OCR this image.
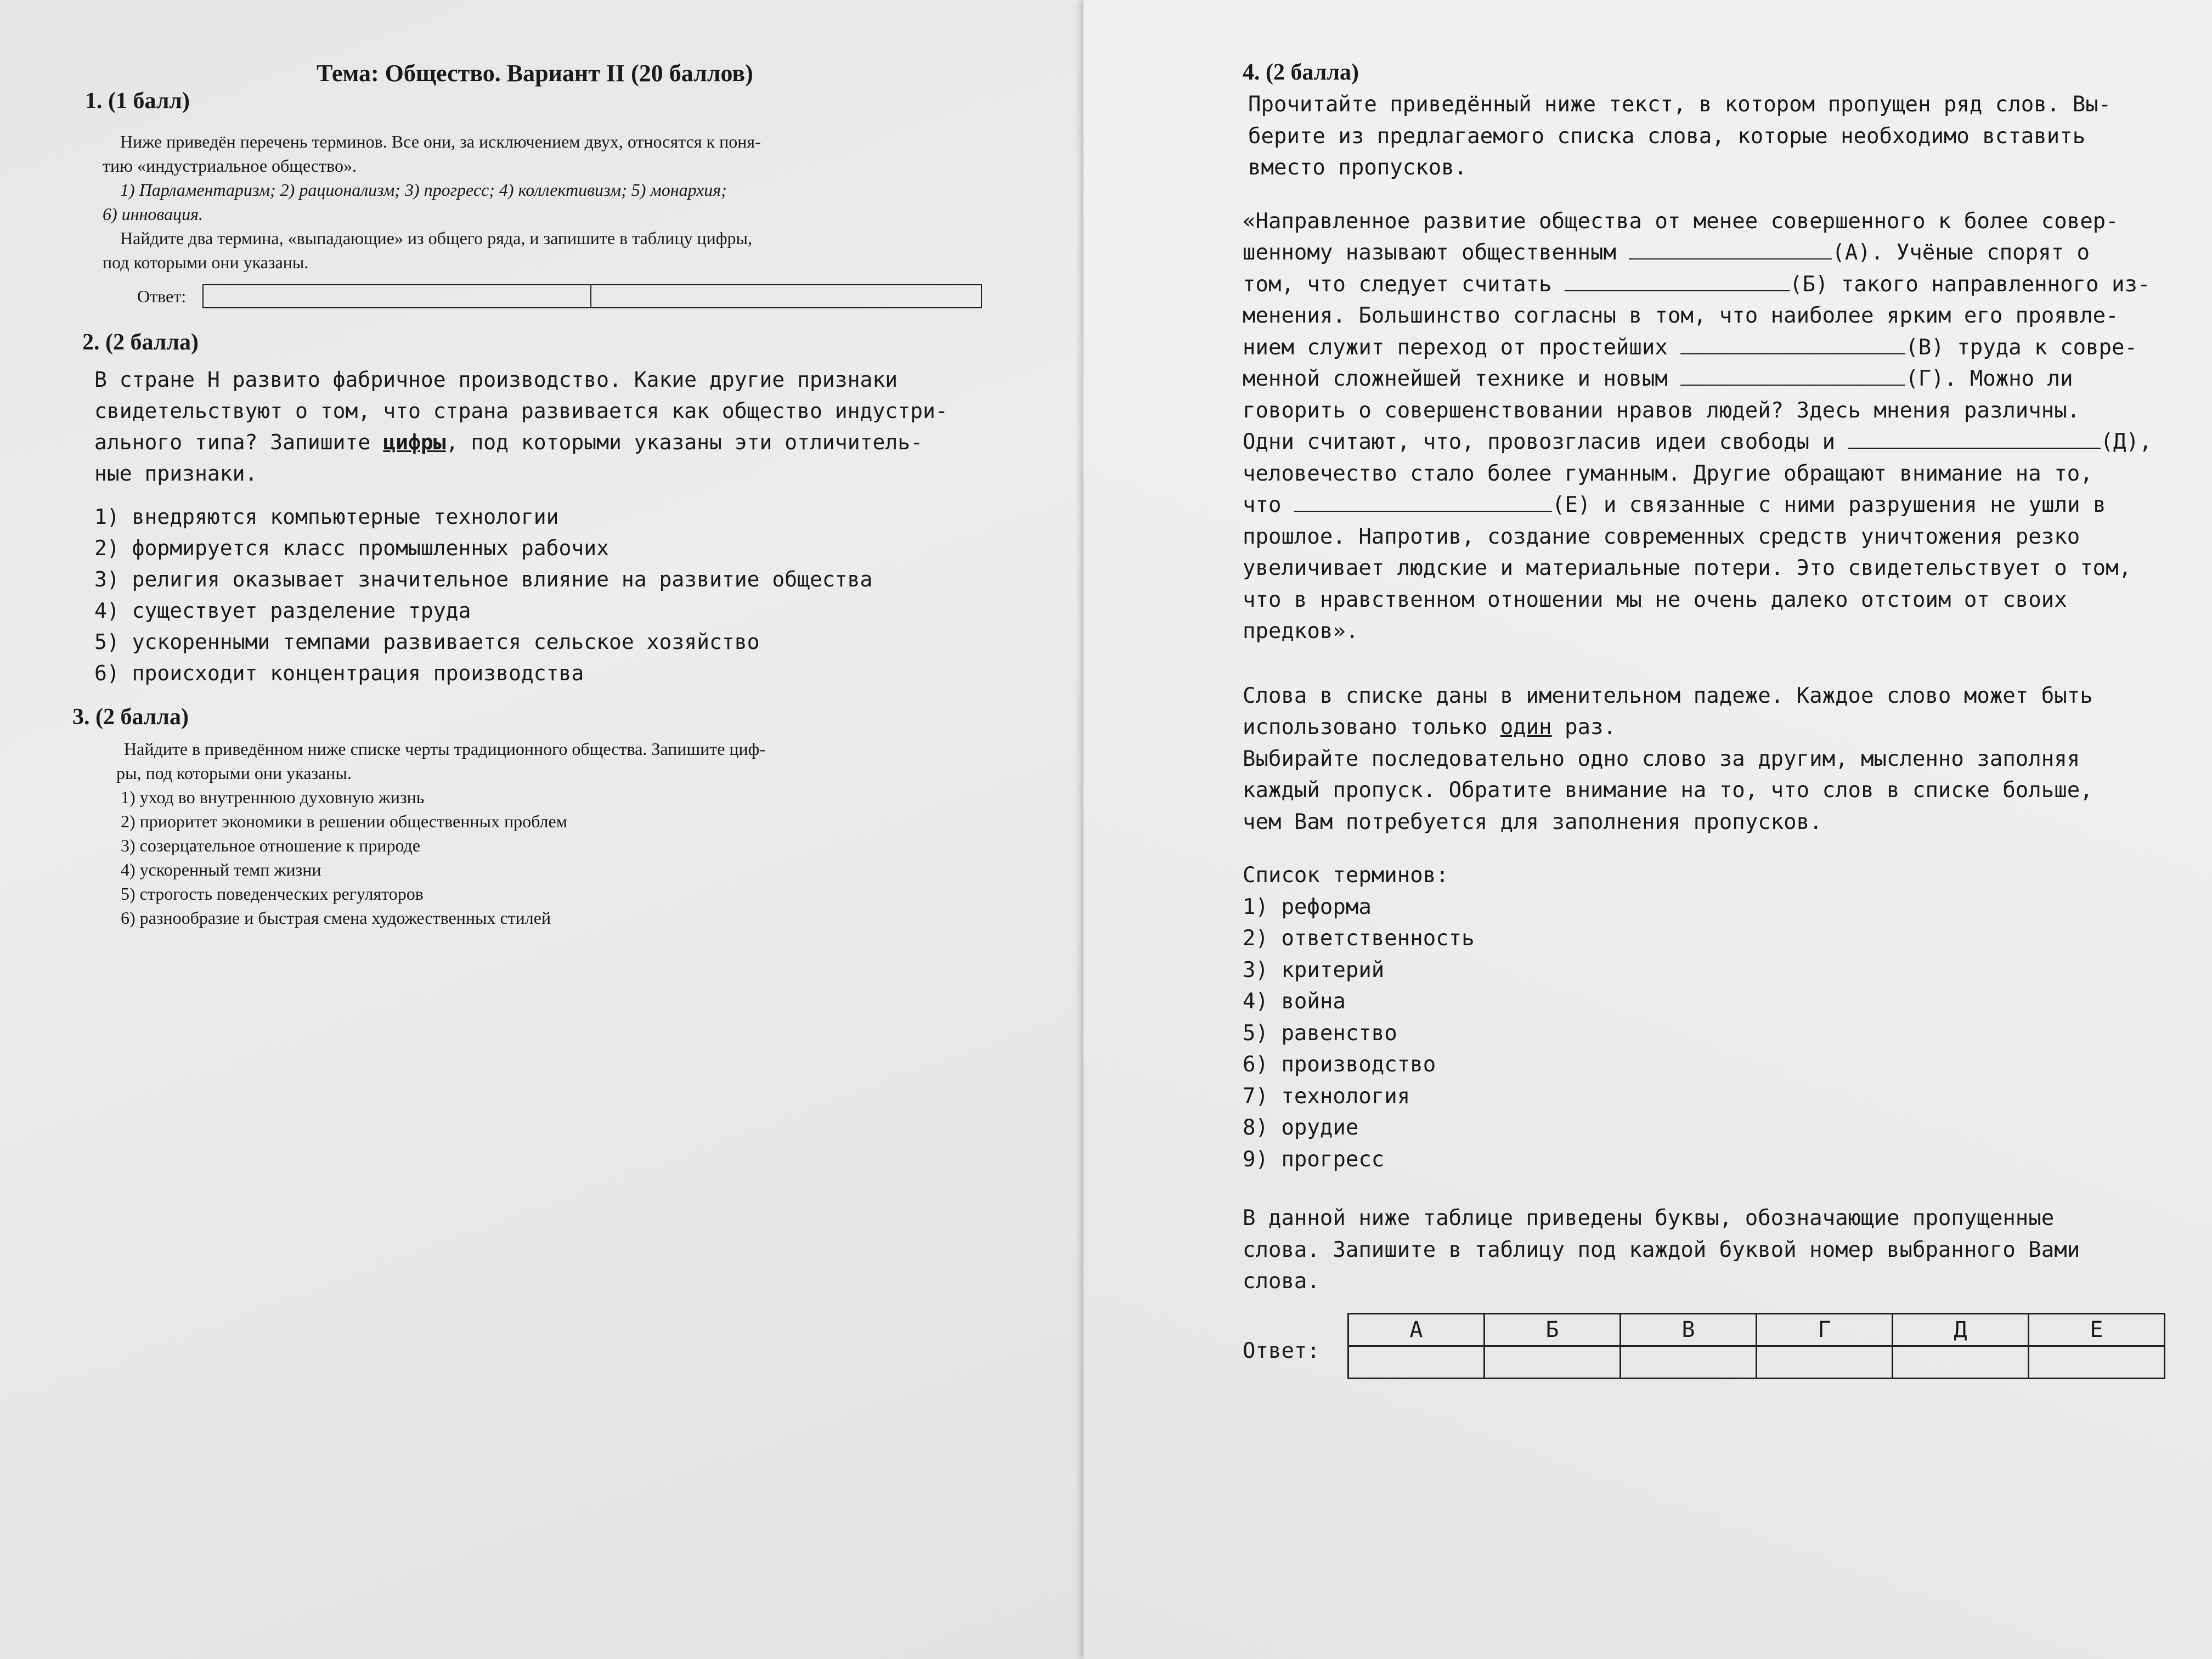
Тема: Общество. Вариант II (20 баллов)
1. (1 балл)

Ниже приведён перечень терминов. Все они, за исключением двух, относятся к поня-

тию «индустриальное общество».

1) Парламентаризм; 2) рационализм; 3) прогресс; 4) коллективизм; 5) монархия;

6) инновация.

Найдите два термина, «выпадающие» из общего ряда, и запишите в таблицу цифры,

под которыми они указаны.

Ответ:
2. (2 балла)
В стране Н развито фабричное производство. Какие другие признаки
свидетельствуют о том, что страна развивается как общество индустри-
ального типа? Запишите цифры, под которыми указаны эти отличитель-
ные признаки.
1) внедряются компьютерные технологии
2) формируется класс промышленных рабочих
3) религия оказывает значительное влияние на развитие общества
4) существует разделение труда
5) ускоренными темпами развивается сельское хозяйство
6) происходит концентрация производства
3. (2 балла)

Найдите в приведённом ниже списке черты традиционного общества. Запишите циф-

ры, под которыми они указаны.

1) уход во внутреннюю духовную жизнь
2) приоритет экономики в решении общественных проблем
3) созерцательное отношение к природе
4) ускоренный темп жизни
5) строгость поведенческих регуляторов
6) разнообразие и быстрая смена художественных стилей
4. (2 балла)
Прочитайте приведённый ниже текст, в котором пропущен ряд слов. Вы-
берите из предлагаемого списка слова, которые необходимо вставить
вместо пропусков.
«Направленное развитие общества от менее совершенного к более совер-
шенному называют общественным	(А). Учёные спорят о
том, что следует считать	(Б) такого направленного из-
менения. Большинство согласны в том, что наиболее ярким его проявле-
нием служит переход от простейших	(В) труда к совре-
менной сложнейшей технике и новым	(Г). Можно ли
говорить о совершенствовании нравов людей? Здесь мнения различны.
Одни считают, что, провозгласив идеи свободы и	(Д),
человечество стало более гуманным. Другие обращают внимание на то,
что	(Е) и связанные с ними разрушения не ушли в
прошлое. Напротив, создание современных средств уничтожения резко
увеличивает людские и материальные потери. Это свидетельствует о том,
что в нравственном отношении мы не очень далеко отстоим от своих
предков».
Слова в списке даны в именительном падеже. Каждое слово может быть
использовано только один раз.
Выбирайте последовательно одно слово за другим, мысленно заполняя
каждый пропуск. Обратите внимание на то, что слов в списке больше,
чем Вам потребуется для заполнения пропусков.
Список терминов:
1) реформа
2) ответственность
3) критерий
4) война
5) равенство
6) производство
7) технология
8) орудие
9) прогресс
В данной ниже таблице приведены буквы, обозначающие пропущенные
слова. Запишите в таблицу под каждой буквой номер выбранного Вами
слова.
Ответ:
А	Б	В	Г	Д	Е
